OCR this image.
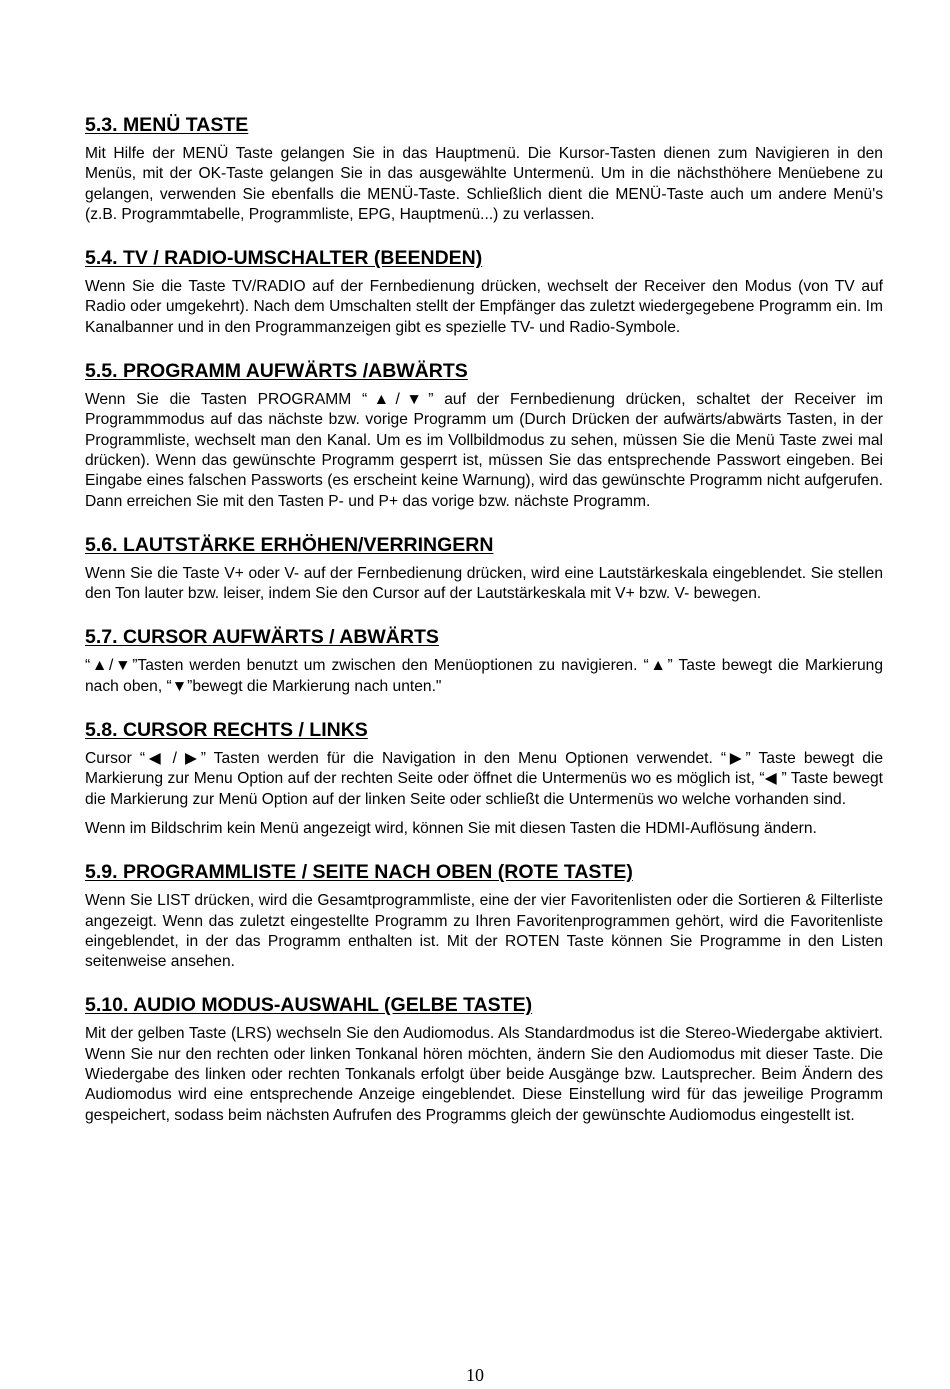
5.3. MENÜ TASTE

Mit Hilfe der MENÜ Taste gelangen Sie in das Hauptmenü. Die Kursor-Tasten dienen zum Navigieren in den Menüs, mit der OK-Taste gelangen Sie in das ausgewählte Untermenü. Um in die nächsthöhere Menüebene zu gelangen, verwenden Sie ebenfalls die MENÜ-Taste. Schließlich dient die MENÜ-Taste auch um andere Menü's (z.B. Programmtabelle, Programmliste, EPG, Hauptmenü...) zu verlassen.

5.4. TV / RADIO-UMSCHALTER (BEENDEN)

Wenn Sie die Taste TV/RADIO auf der Fernbedienung drücken, wechselt der Receiver den Modus (von TV auf Radio oder umgekehrt). Nach dem Umschalten stellt der Empfänger das zuletzt wiedergegebene Programm ein. Im Kanalbanner und in den Programmanzeigen gibt es spezielle TV- und Radio-Symbole.

5.5. PROGRAMM AUFWÄRTS /ABWÄRTS

Wenn Sie die Tasten PROGRAMM “▲/▼” auf der Fernbedienung drücken, schaltet der Receiver im Programmmodus auf das nächste bzw. vorige Programm um (Durch Drücken der aufwärts/abwärts Tasten, in der Programmliste, wechselt man den Kanal. Um es im Vollbildmodus zu sehen, müssen Sie die Menü Taste zwei mal drücken). Wenn das gewünschte Programm gesperrt ist, müssen Sie das entsprechende Passwort eingeben. Bei Eingabe eines falschen Passworts (es erscheint keine Warnung), wird das gewünschte Programm nicht aufgerufen. Dann erreichen Sie mit den Tasten P- und P+ das vorige bzw. nächste Programm.

5.6. LAUTSTÄRKE ERHÖHEN/VERRINGERN

Wenn Sie die Taste V+ oder V- auf der Fernbedienung drücken, wird eine Lautstärkeskala eingeblendet. Sie stellen den Ton lauter bzw. leiser, indem Sie den Cursor auf der Lautstärkeskala mit V+ bzw. V- bewegen.

5.7. CURSOR AUFWÄRTS / ABWÄRTS

“▲/▼”Tasten werden benutzt um zwischen den Menüoptionen zu navigieren. “▲” Taste bewegt die Markierung nach oben, “▼”bewegt die Markierung nach unten."

5.8. CURSOR RECHTS / LINKS

Cursor “◀ / ▶” Tasten werden für die Navigation in den Menu Optionen verwendet. “▶” Taste bewegt die Markierung zur Menu Option auf der rechten Seite oder öffnet die Untermenüs wo es möglich ist, “◀ ” Taste bewegt die Markierung zur Menü Option auf der linken Seite oder schließt die Untermenüs wo welche vorhanden sind.

Wenn im Bildschrim kein Menü angezeigt wird, können Sie mit diesen Tasten die HDMI-Auflösung ändern.

5.9. PROGRAMMLISTE / SEITE NACH OBEN (ROTE TASTE)

Wenn Sie LIST drücken, wird die Gesamtprogrammliste, eine der vier Favoritenlisten oder die Sortieren & Filterliste angezeigt. Wenn das zuletzt eingestellte Programm zu Ihren Favoritenprogrammen gehört, wird die Favoritenliste eingeblendet, in der das Programm enthalten ist. Mit der ROTEN Taste können Sie Programme in den Listen seitenweise ansehen.

5.10. AUDIO MODUS-AUSWAHL (GELBE TASTE)

Mit der gelben Taste (LRS) wechseln Sie den Audiomodus. Als Standardmodus ist die Stereo-Wiedergabe aktiviert. Wenn Sie nur den rechten oder linken Tonkanal hören möchten, ändern Sie den Audiomodus mit dieser Taste. Die Wiedergabe des linken oder rechten Tonkanals erfolgt über beide Ausgänge bzw. Lautsprecher. Beim Ändern des Audiomodus wird eine entsprechende Anzeige eingeblendet. Diese Einstellung wird für das jeweilige Programm gespeichert, sodass beim nächsten Aufrufen des Programms gleich der gewünschte Audiomodus eingestellt ist.

10
